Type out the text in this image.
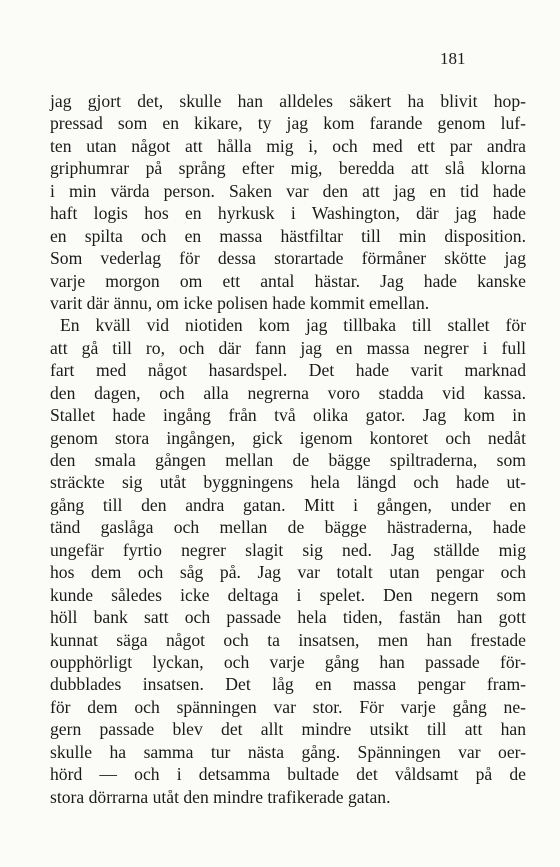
181
jag gjort det, skulle han alldeles säkert ha blivit hop-
pressad som en kikare, ty jag kom farande genom luf-
ten utan något att hålla mig i, och med ett par andra
griphumrar på språng efter mig, beredda att slå klorna
i min värda person. Saken var den att jag en tid hade
haft logis hos en hyrkusk i Washington, där jag hade
en spilta och en massa hästfiltar till min disposition.
Som vederlag för dessa storartade förmåner skötte jag
varje morgon om ett antal hästar. Jag hade kanske
varit där ännu, om icke polisen hade kommit emellan.
En kväll vid niotiden kom jag tillbaka till stallet för
att gå till ro, och där fann jag en massa negrer i full
fart med något hasardspel. Det hade varit marknad
den dagen, och alla negrerna voro stadda vid kassa.
Stallet hade ingång från två olika gator. Jag kom in
genom stora ingången, gick igenom kontoret och nedåt
den smala gången mellan de bägge spiltraderna, som
sträckte sig utåt byggningens hela längd och hade ut-
gång till den andra gatan. Mitt i gången, under en
tänd gaslåga och mellan de bägge hästraderna, hade
ungefär fyrtio negrer slagit sig ned. Jag ställde mig
hos dem och såg på. Jag var totalt utan pengar och
kunde således icke deltaga i spelet. Den negern som
höll bank satt och passade hela tiden, fastän han gott
kunnat säga något och ta insatsen, men han frestade
oupphörligt lyckan, och varje gång han passade för-
dubblades insatsen. Det låg en massa pengar fram-
för dem och spänningen var stor. För varje gång ne-
gern passade blev det allt mindre utsikt till att han
skulle ha samma tur nästa gång. Spänningen var oer-
hörd — och i detsamma bultade det våldsamt på de
stora dörrarna utåt den mindre trafikerade gatan.
